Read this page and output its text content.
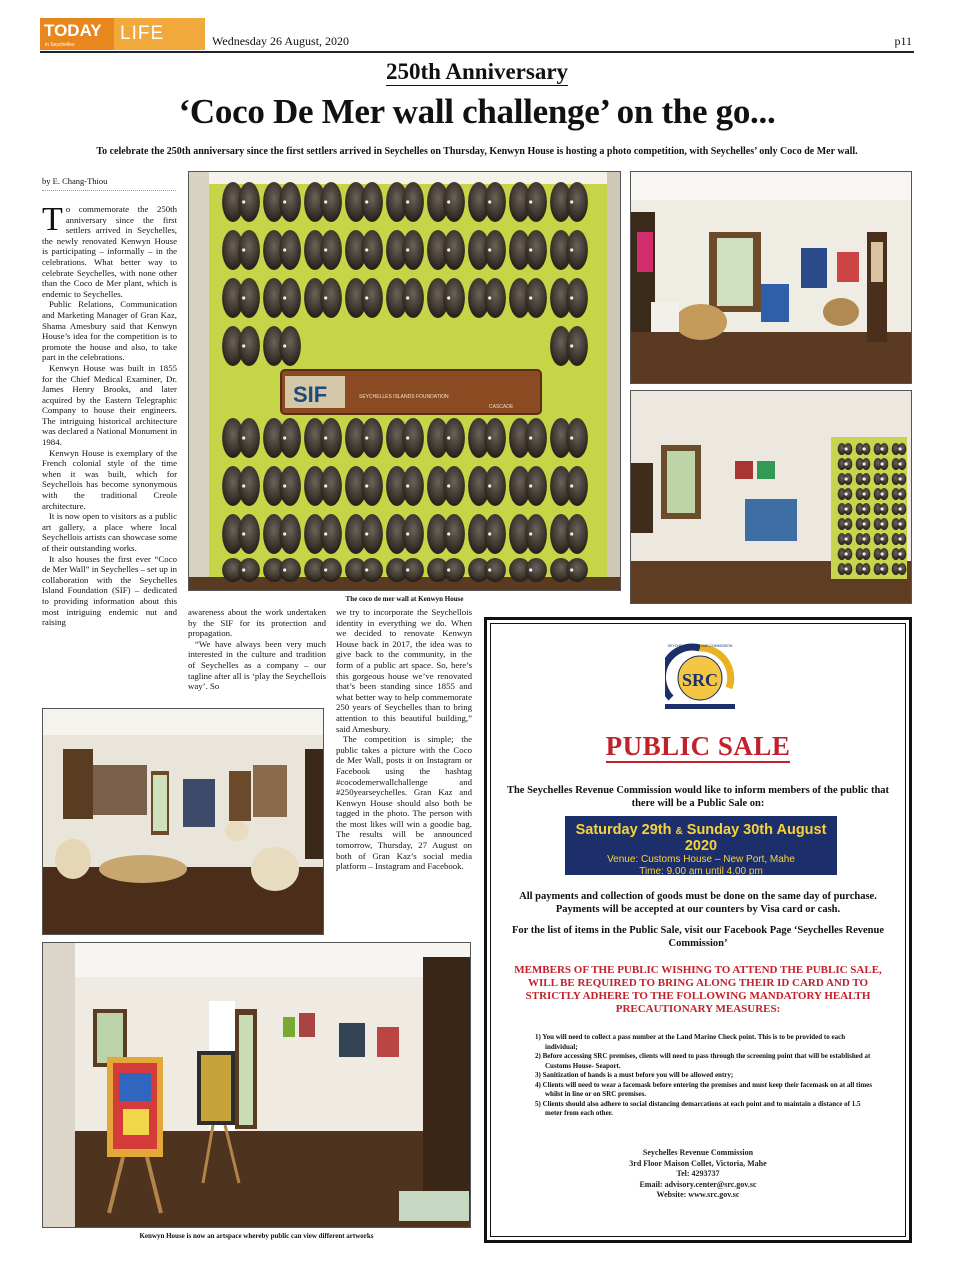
TODAY
in Seychelles
LIFE	Wednesday 26 August, 2020	p11
250th Anniversary
‘Coco De Mer wall challenge’ on the go...
To celebrate the 250th anniversary since the first settlers arrived in Seychelles on Thursday, Kenwyn House is hosting a photo competition, with Seychelles’ only Coco de Mer wall.
by E. Chang-Thiou

To commemorate the 250th anniversary since the first settlers arrived in Seychelles, the newly renovated Kenwyn House is participating – informally – in the celebrations. What better way to celebrate Seychelles, with none other than the Coco de Mer plant, which is endemic to Seychelles.

Public Relations, Communication and Marketing Manager of Gran Kaz, Shama Amesbury said that Kenwyn House’s idea for the competition is to promote the house and also, to take part in the celebrations.

Kenwyn House was built in 1855 for the Chief Medical Examiner, Dr. James Henry Brooks, and later acquired by the Eastern Telegraphic Company to house their engineers. The intriguing historical architecture was declared a National Monument in 1984.

Kenwyn House is exemplary of the French colonial style of the time when it was built, which for Seychellois has become synonymous with the traditional Creole architecture.

It is now open to visitors as a public art gallery, a place where local Seychellois artists can showcase some of their outstanding works.

It also houses the first ever “Coco de Mer Wall” in Seychelles – set up in collaboration with the Seychelles Island Foundation (SIF) – dedicated to providing information about this most intriguing endemic nut and raising

awareness about the work undertaken by the SIF for its protection and propagation.

“We have always been very much interested in the culture and tradition of Seychelles as a company – our tagline after all is ‘play the Seychellois way’. So

we try to incorporate the Seychellois identity in everything we do. When we decided to renovate Kenwyn House back in 2017, the idea was to give back to the community, in the form of a public art space. So, here’s this gorgeous house we’ve renovated that’s been standing since 1855 and what better way to help commemorate 250 years of Seychelles than to bring attention to this beautiful building,” said Amesbury.

The competition is simple; the public takes a picture with the Coco de Mer Wall, posts it on Instagram or Facebook using the hashtag #cocodemerwallchallenge and #250yearseychelles. Gran Kaz and Kenwyn House should also both be tagged in the photo. The person with the most likes will win a goodie bag. The results will be announced tomorrow, Thursday, 27 August on both of Gran Kaz’s social media platform – Instagram and Facebook.

SIF	SEYCHELLES ISLANDS FOUNDATION
CASCADE
The coco de mer wall at Kenwyn House
Kenwyn House is now an artspace whereby public can view different artworks
SRC
SEYCHELLES REVENUE COMMISSION
PUBLIC SALE
The Seychelles Revenue Commission would like to inform members of the public that there will be a Public Sale on:
Saturday 29th & Sunday 30th August 2020
Venue: Customs House – New Port, Mahe
Time: 9.00 am until 4.00 pm
All payments and collection of goods must be done on the same day of purchase. Payments will be accepted at our counters by Visa card or cash.
For the list of items in the Public Sale, visit our Facebook Page ‘Seychelles Revenue Commission’
MEMBERS OF THE PUBLIC WISHING TO ATTEND THE PUBLIC SALE, WILL BE REQUIRED TO BRING ALONG THEIR ID CARD AND TO STRICTLY ADHERE TO THE FOLLOWING MANDATORY HEALTH PRECAUTIONARY MEASURES:
1) You will need to collect a pass number at the Land Marine Check point. This is to be provided to each individual;
2) Before accessing SRC premises, clients will need to pass through the screening point that will be established at Customs House- Seaport.
3) Sanitization of hands is a must before you will be allowed entry;
4) Clients will need to wear a facemask before entering the premises and must keep their facemask on at all times whilst in line or on SRC premises.
5) Clients should also adhere to social distancing demarcations at each point and to maintain a distance of 1.5 meter from each other.
Seychelles Revenue Commission
3rd Floor Maison Collet, Victoria, Mahe
Tel: 4293737
Email: advisory.center@src.gov.sc
Website: www.src.gov.sc
